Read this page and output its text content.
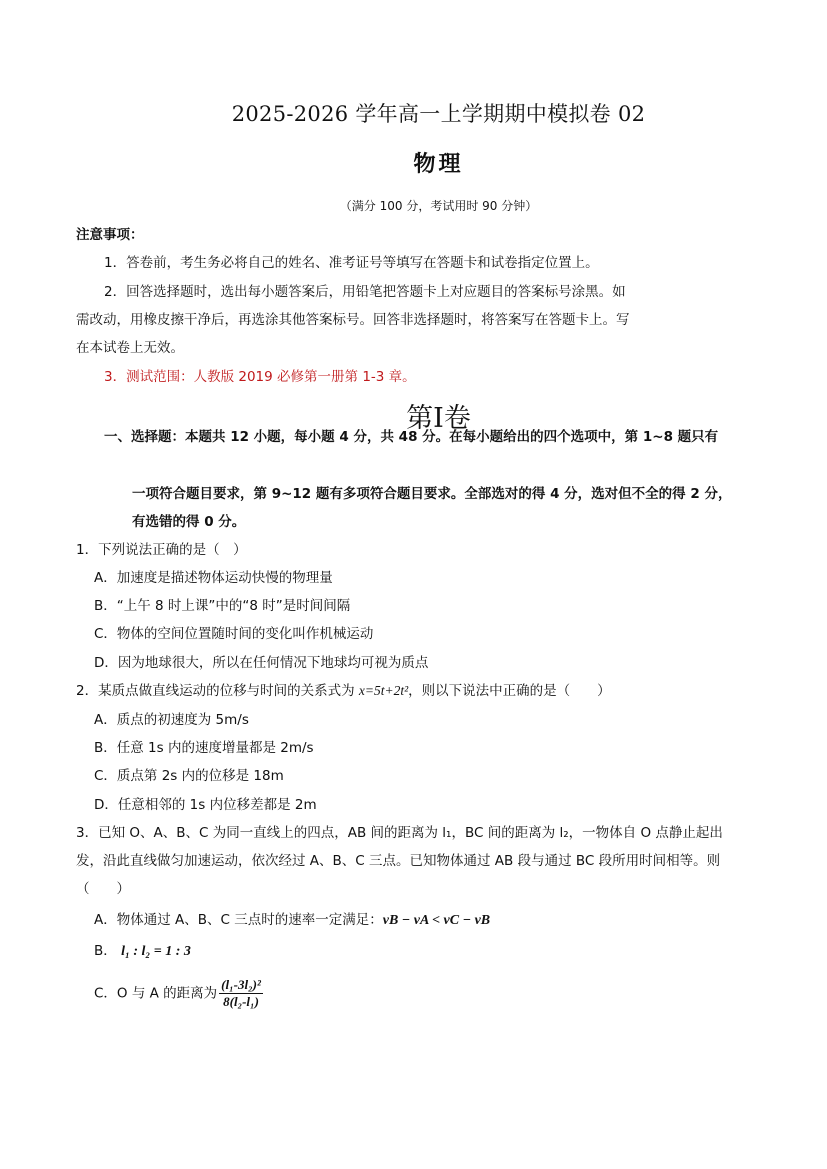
2025-2026 学年高一上学期期中模拟卷 02
物理
（满分 100 分，考试用时 90 分钟）
注意事项：
1．答卷前，考生务必将自己的姓名、准考证号等填写在答题卡和试卷指定位置上。
2．回答选择题时，选出每小题答案后，用铅笔把答题卡上对应题目的答案标号涂黑。如
需改动，用橡皮擦干净后，再选涂其他答案标号。回答非选择题时，将答案写在答题卡上。写
在本试卷上无效。
3．测试范围：人教版 2019 必修第一册第 1-3 章。
第Ⅰ卷
一、选择题：本题共 12 小题，每小题 4 分，共 48 分。在每小题给出的四个选项中，第 1~8 题只有
一项符合题目要求，第 9~12 题有多项符合题目要求。全部选对的得 4 分，选对但不全的得 2 分，
有选错的得 0 分。
1．下列说法正确的是（　）
A．加速度是描述物体运动快慢的物理量
B．“上午 8 时上课”中的“8 时”是时间间隔
C．物体的空间位置随时间的变化叫作机械运动
D．因为地球很大，所以在任何情况下地球均可视为质点
2．某质点做直线运动的位移与时间的关系式为 x=5t+2t²，则以下说法中正确的是（　　）
A．质点的初速度为 5m/s
B．任意 1s 内的速度增量都是 2m/s
C．质点第 2s 内的位移是 18m
D．任意相邻的 1s 内位移差都是 2m
3．已知 O、A、B、C 为同一直线上的四点，AB 间的距离为 l₁，BC 间的距离为 l₂，一物体自 O 点静止起出
发，沿此直线做匀加速运动，依次经过 A、B、C 三点。已知物体通过 AB 段与通过 BC 段所用时间相等。则
（　　）
A．物体通过 A、B、C 三点时的速率一定满足：vB − vA < vC − vB
B． l₁ : l₂ = 1 : 3
C．O 与 A 的距离为 $\frac{\text{(l₁-3l₂)²}}{\text{8(l₂-l₁)}}$
